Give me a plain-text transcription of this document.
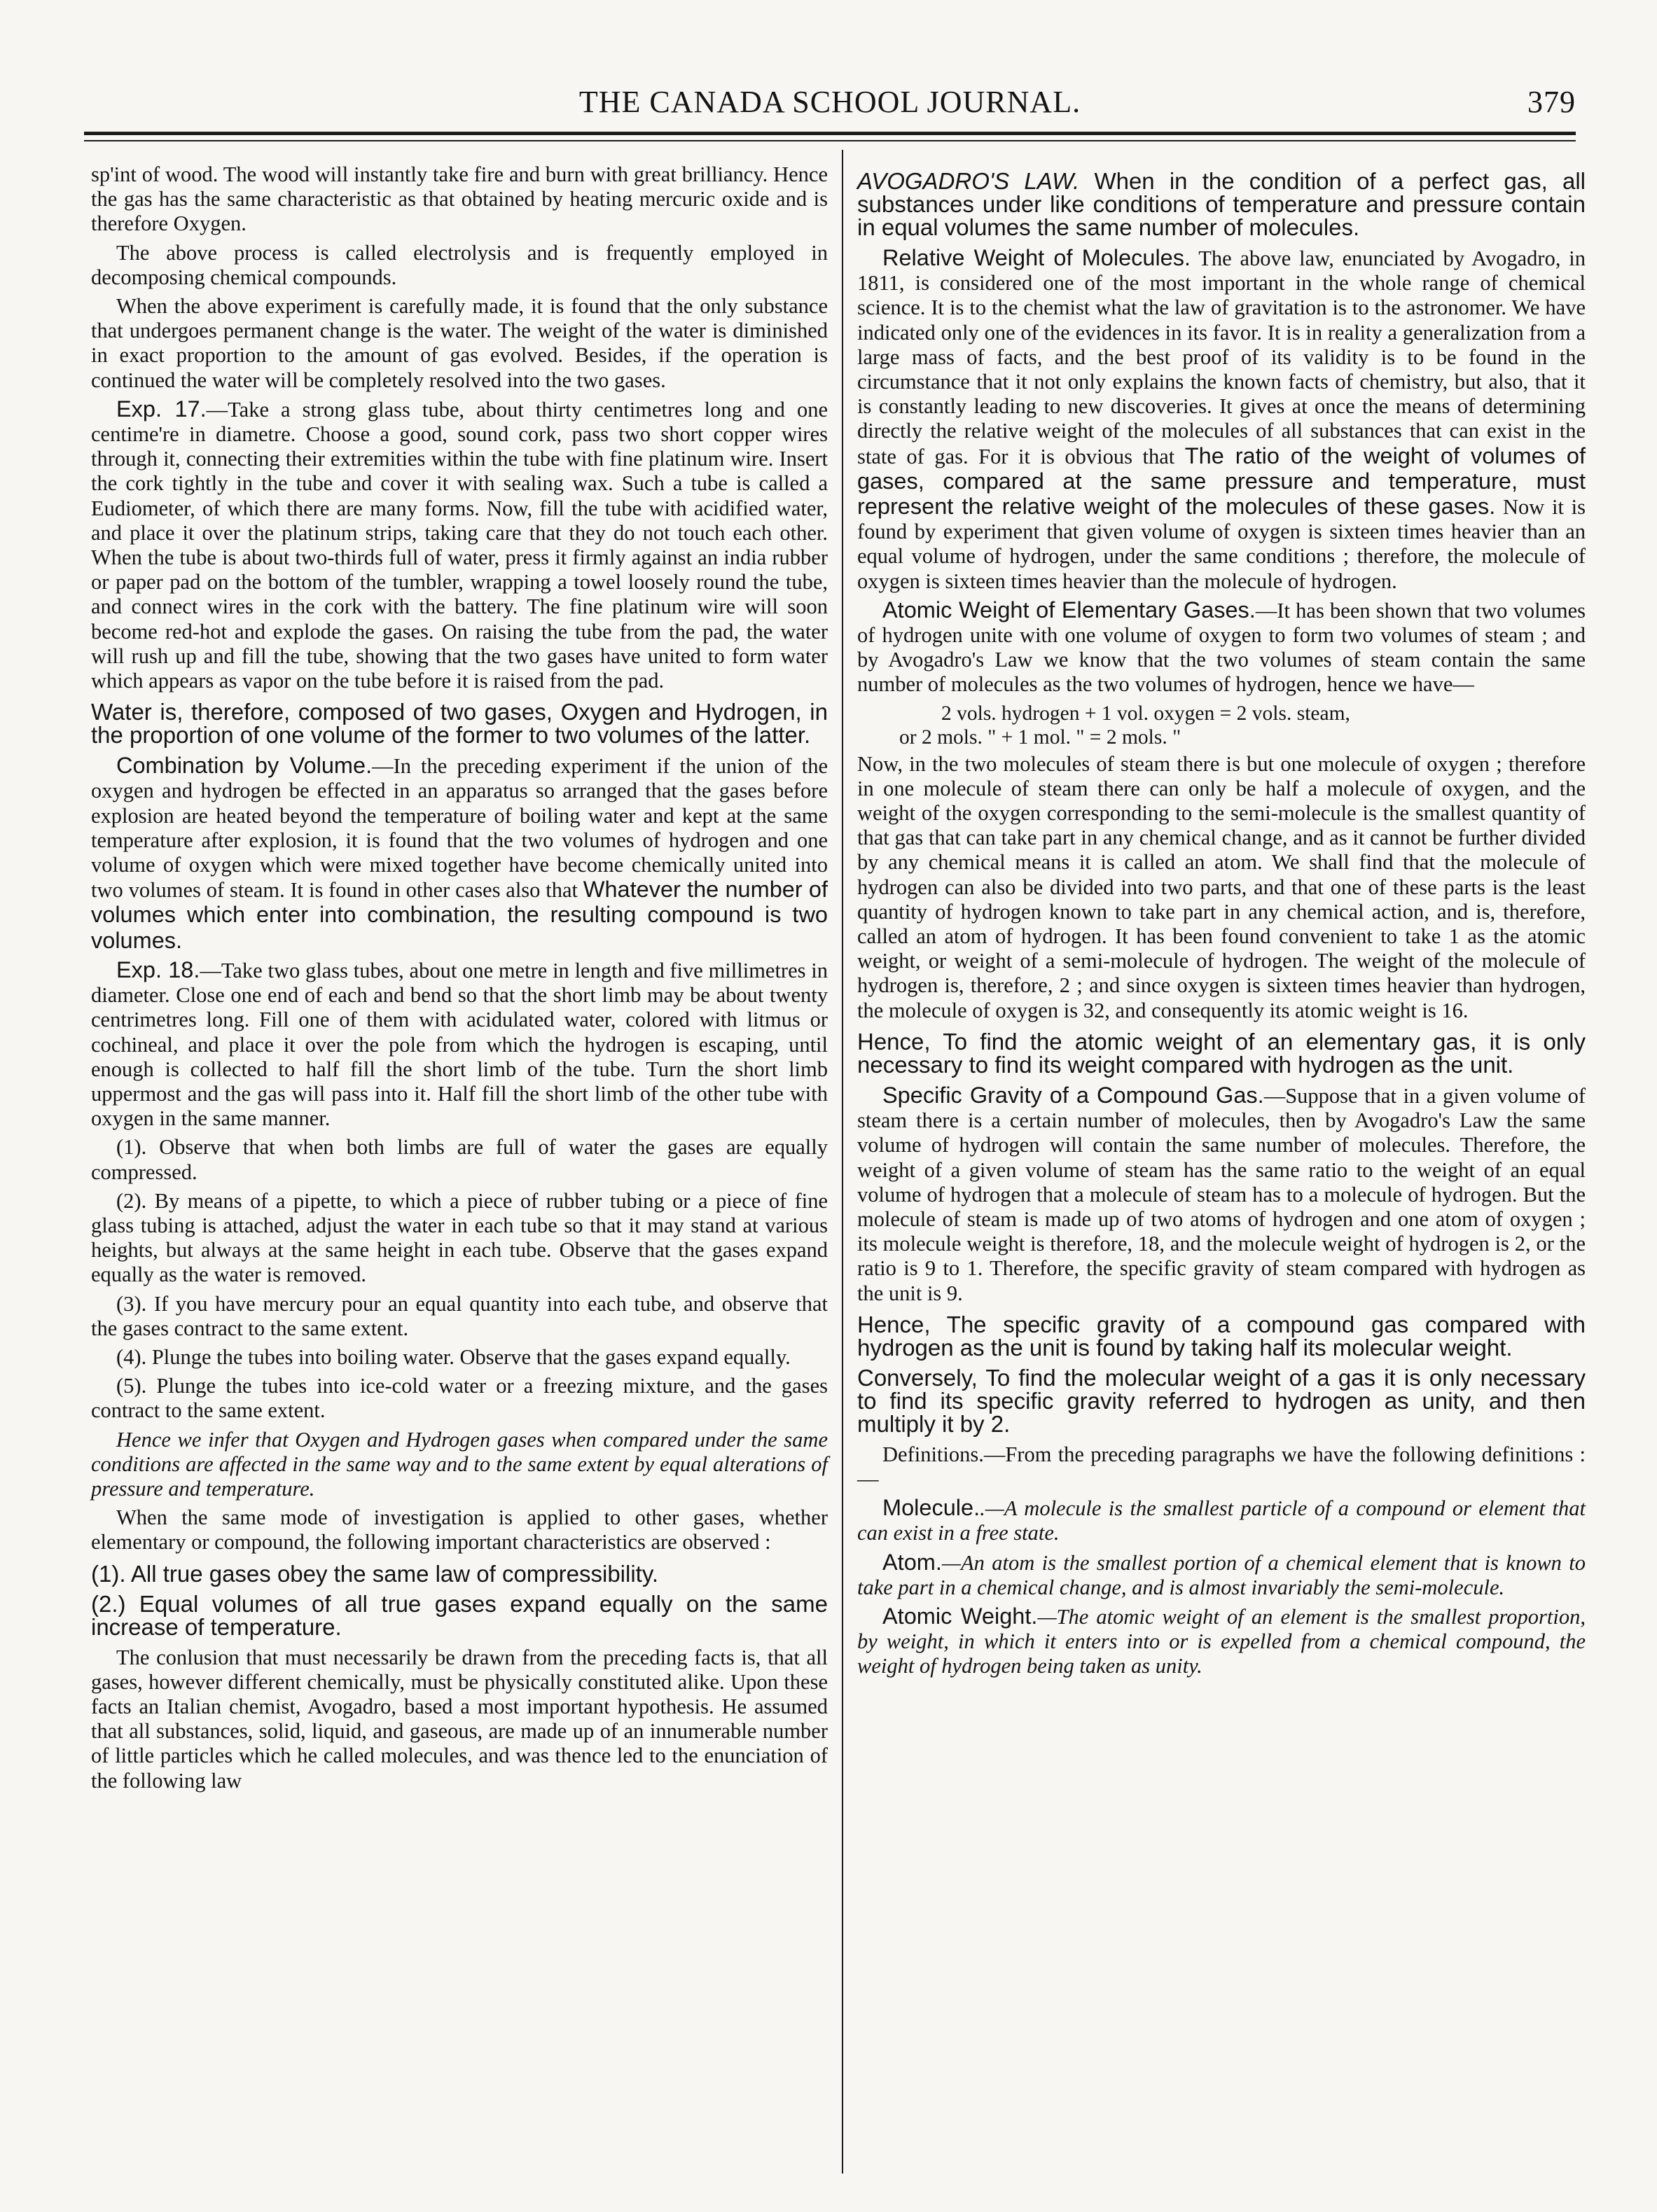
THE CANADA SCHOOL JOURNAL.	379

sp'int of wood. The wood will instantly take fire and burn with great brilliancy. Hence the gas has the same characteristic as that obtained by heating mercuric oxide and is therefore Oxygen.

The above process is called electrolysis and is frequently employed in decomposing chemical compounds.

When the above experiment is carefully made, it is found that the only substance that undergoes permanent change is the water. The weight of the water is diminished in exact proportion to the amount of gas evolved. Besides, if the operation is continued the water will be completely resolved into the two gases.

Exp. 17.—Take a strong glass tube, about thirty centimetres long and one centime're in diametre. Choose a good, sound cork, pass two short copper wires through it, connecting their extremities within the tube with fine platinum wire. Insert the cork tightly in the tube and cover it with sealing wax. Such a tube is called a Eudiometer, of which there are many forms. Now, fill the tube with acidified water, and place it over the platinum strips, taking care that they do not touch each other. When the tube is about two-thirds full of water, press it firmly against an india rubber or paper pad on the bottom of the tumbler, wrapping a towel loosely round the tube, and connect wires in the cork with the battery. The fine platinum wire will soon become red-hot and explode the gases. On raising the tube from the pad, the water will rush up and fill the tube, showing that the two gases have united to form water which appears as vapor on the tube before it is raised from the pad.

Water is, therefore, composed of two gases, Oxygen and Hydrogen, in the proportion of one volume of the former to two volumes of the latter.

Combination by Volume.—In the preceding experiment if the union of the oxygen and hydrogen be effected in an apparatus so arranged that the gases before explosion are heated beyond the temperature of boiling water and kept at the same temperature after explosion, it is found that the two volumes of hydrogen and one volume of oxygen which were mixed together have become chemically united into two volumes of steam. It is found in other cases also that Whatever the number of volumes which enter into combination, the resulting compound is two volumes.

Exp. 18.—Take two glass tubes, about one metre in length and five millimetres in diameter. Close one end of each and bend so that the short limb may be about twenty centrimetres long. Fill one of them with acidulated water, colored with litmus or cochineal, and place it over the pole from which the hydrogen is escaping, until enough is collected to half fill the short limb of the tube. Turn the short limb uppermost and the gas will pass into it. Half fill the short limb of the other tube with oxygen in the same manner.

(1). Observe that when both limbs are full of water the gases are equally compressed.

(2). By means of a pipette, to which a piece of rubber tubing or a piece of fine glass tubing is attached, adjust the water in each tube so that it may stand at various heights, but always at the same height in each tube. Observe that the gases expand equally as the water is removed.

(3). If you have mercury pour an equal quantity into each tube, and observe that the gases contract to the same extent.

(4). Plunge the tubes into boiling water. Observe that the gases expand equally.

(5). Plunge the tubes into ice-cold water or a freezing mixture, and the gases contract to the same extent.

Hence we infer that Oxygen and Hydrogen gases when compared under the same conditions are affected in the same way and to the same extent by equal alterations of pressure and temperature.

When the same mode of investigation is applied to other gases, whether elementary or compound, the following important characteristics are observed :

(1). All true gases obey the same law of compressibility.

(2.) Equal volumes of all true gases expand equally on the same increase of temperature.

The conlusion that must necessarily be drawn from the preceding facts is, that all gases, however different chemically, must be physically constituted alike. Upon these facts an Italian chemist, Avogadro, based a most important hypothesis. He assumed that all substances, solid, liquid, and gaseous, are made up of an innumerable number of little particles which he called molecules, and was thence led to the enunciation of the following law

AVOGADRO'S LAW. When in the condition of a perfect gas, all substances under like conditions of temperature and pressure contain in equal volumes the same number of molecules.

Relative Weight of Molecules. The above law, enunciated by Avogadro, in 1811, is considered one of the most important in the whole range of chemical science. It is to the chemist what the law of gravitation is to the astronomer. We have indicated only one of the evidences in its favor. It is in reality a generalization from a large mass of facts, and the best proof of its validity is to be found in the circumstance that it not only explains the known facts of chemistry, but also, that it is constantly leading to new discoveries. It gives at once the means of determining directly the relative weight of the molecules of all substances that can exist in the state of gas. For it is obvious that The ratio of the weight of volumes of gases, compared at the same pressure and temperature, must represent the relative weight of the molecules of these gases. Now it is found by experiment that given volume of oxygen is sixteen times heavier than an equal volume of hydrogen, under the same conditions ; therefore, the molecule of oxygen is sixteen times heavier than the molecule of hydrogen.

Atomic Weight of Elementary Gases.—It has been shown that two volumes of hydrogen unite with one volume of oxygen to form two volumes of steam ; and by Avogadro's Law we know that the two volumes of steam contain the same number of molecules as the two volumes of hydrogen, hence we have—

2 vols. hydrogen + 1 vol. oxygen = 2 vols. steam,
or 2 mols. " + 1 mol. " = 2 mols. "

Now, in the two molecules of steam there is but one molecule of oxygen ; therefore in one molecule of steam there can only be half a molecule of oxygen, and the weight of the oxygen corresponding to the semi-molecule is the smallest quantity of that gas that can take part in any chemical change, and as it cannot be further divided by any chemical means it is called an atom. We shall find that the molecule of hydrogen can also be divided into two parts, and that one of these parts is the least quantity of hydrogen known to take part in any chemical action, and is, therefore, called an atom of hydrogen. It has been found convenient to take 1 as the atomic weight, or weight of a semi-molecule of hydrogen. The weight of the molecule of hydrogen is, therefore, 2 ; and since oxygen is sixteen times heavier than hydrogen, the molecule of oxygen is 32, and consequently its atomic weight is 16.

Hence, To find the atomic weight of an elementary gas, it is only necessary to find its weight compared with hydrogen as the unit.

Specific Gravity of a Compound Gas.—Suppose that in a given volume of steam there is a certain number of molecules, then by Avogadro's Law the same volume of hydrogen will contain the same number of molecules. Therefore, the weight of a given volume of steam has the same ratio to the weight of an equal volume of hydrogen that a molecule of steam has to a molecule of hydrogen. But the molecule of steam is made up of two atoms of hydrogen and one atom of oxygen ; its molecule weight is therefore, 18, and the molecule weight of hydrogen is 2, or the ratio is 9 to 1. Therefore, the specific gravity of steam compared with hydrogen as the unit is 9.

Hence, The specific gravity of a compound gas compared with hydrogen as the unit is found by taking half its molecular weight.

Conversely, To find the molecular weight of a gas it is only necessary to find its specific gravity referred to hydrogen as unity, and then multiply it by 2.

Definitions.—From the preceding paragraphs we have the following definitions :—

Molecule..—A molecule is the smallest particle of a compound or element that can exist in a free state.

Atom.—An atom is the smallest portion of a chemical element that is known to take part in a chemical change, and is almost invariably the semi-molecule.

Atomic Weight.—The atomic weight of an element is the smallest proportion, by weight, in which it enters into or is expelled from a chemical compound, the weight of hydrogen being taken as unity.
